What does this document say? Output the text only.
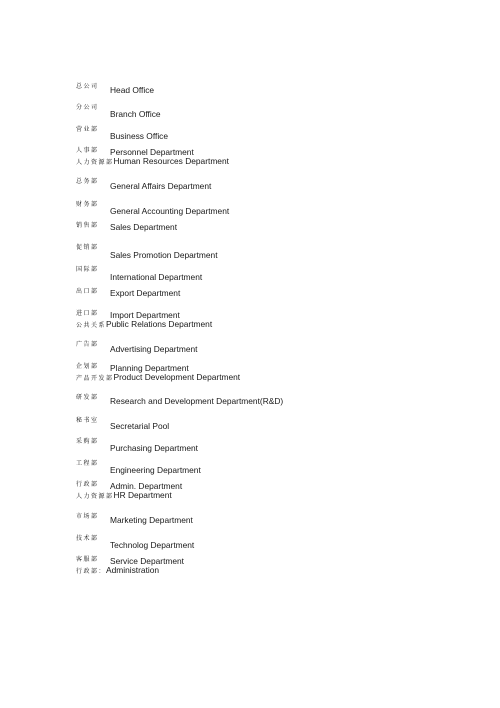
总公司 Head Office
分公司
Branch Office
营业部
Business Office
人事部 Personnel Department
人力资源部 Human Resources Department
总务部 General Affairs Department
财务部
General Accounting Department
销售部 Sales Department
促销部
Sales Promotion Department
国际部
International Department
出口部 Export Department
进口部 Import Department
公共关系 Public Relations Department
广告部 Advertising Department
企划部 Planning Department
产品开发部 Product Development Department
研发部 Research and Development Department(R&D)
秘书室
Secretarial Pool
采购部
Purchasing Department
工程部
Engineering Department
行政部 Admin. Department
人力资源部 HR Department
市场部 Marketing Department
技术部
Technolog Department
客服部 Service Department
行政部： Administration
